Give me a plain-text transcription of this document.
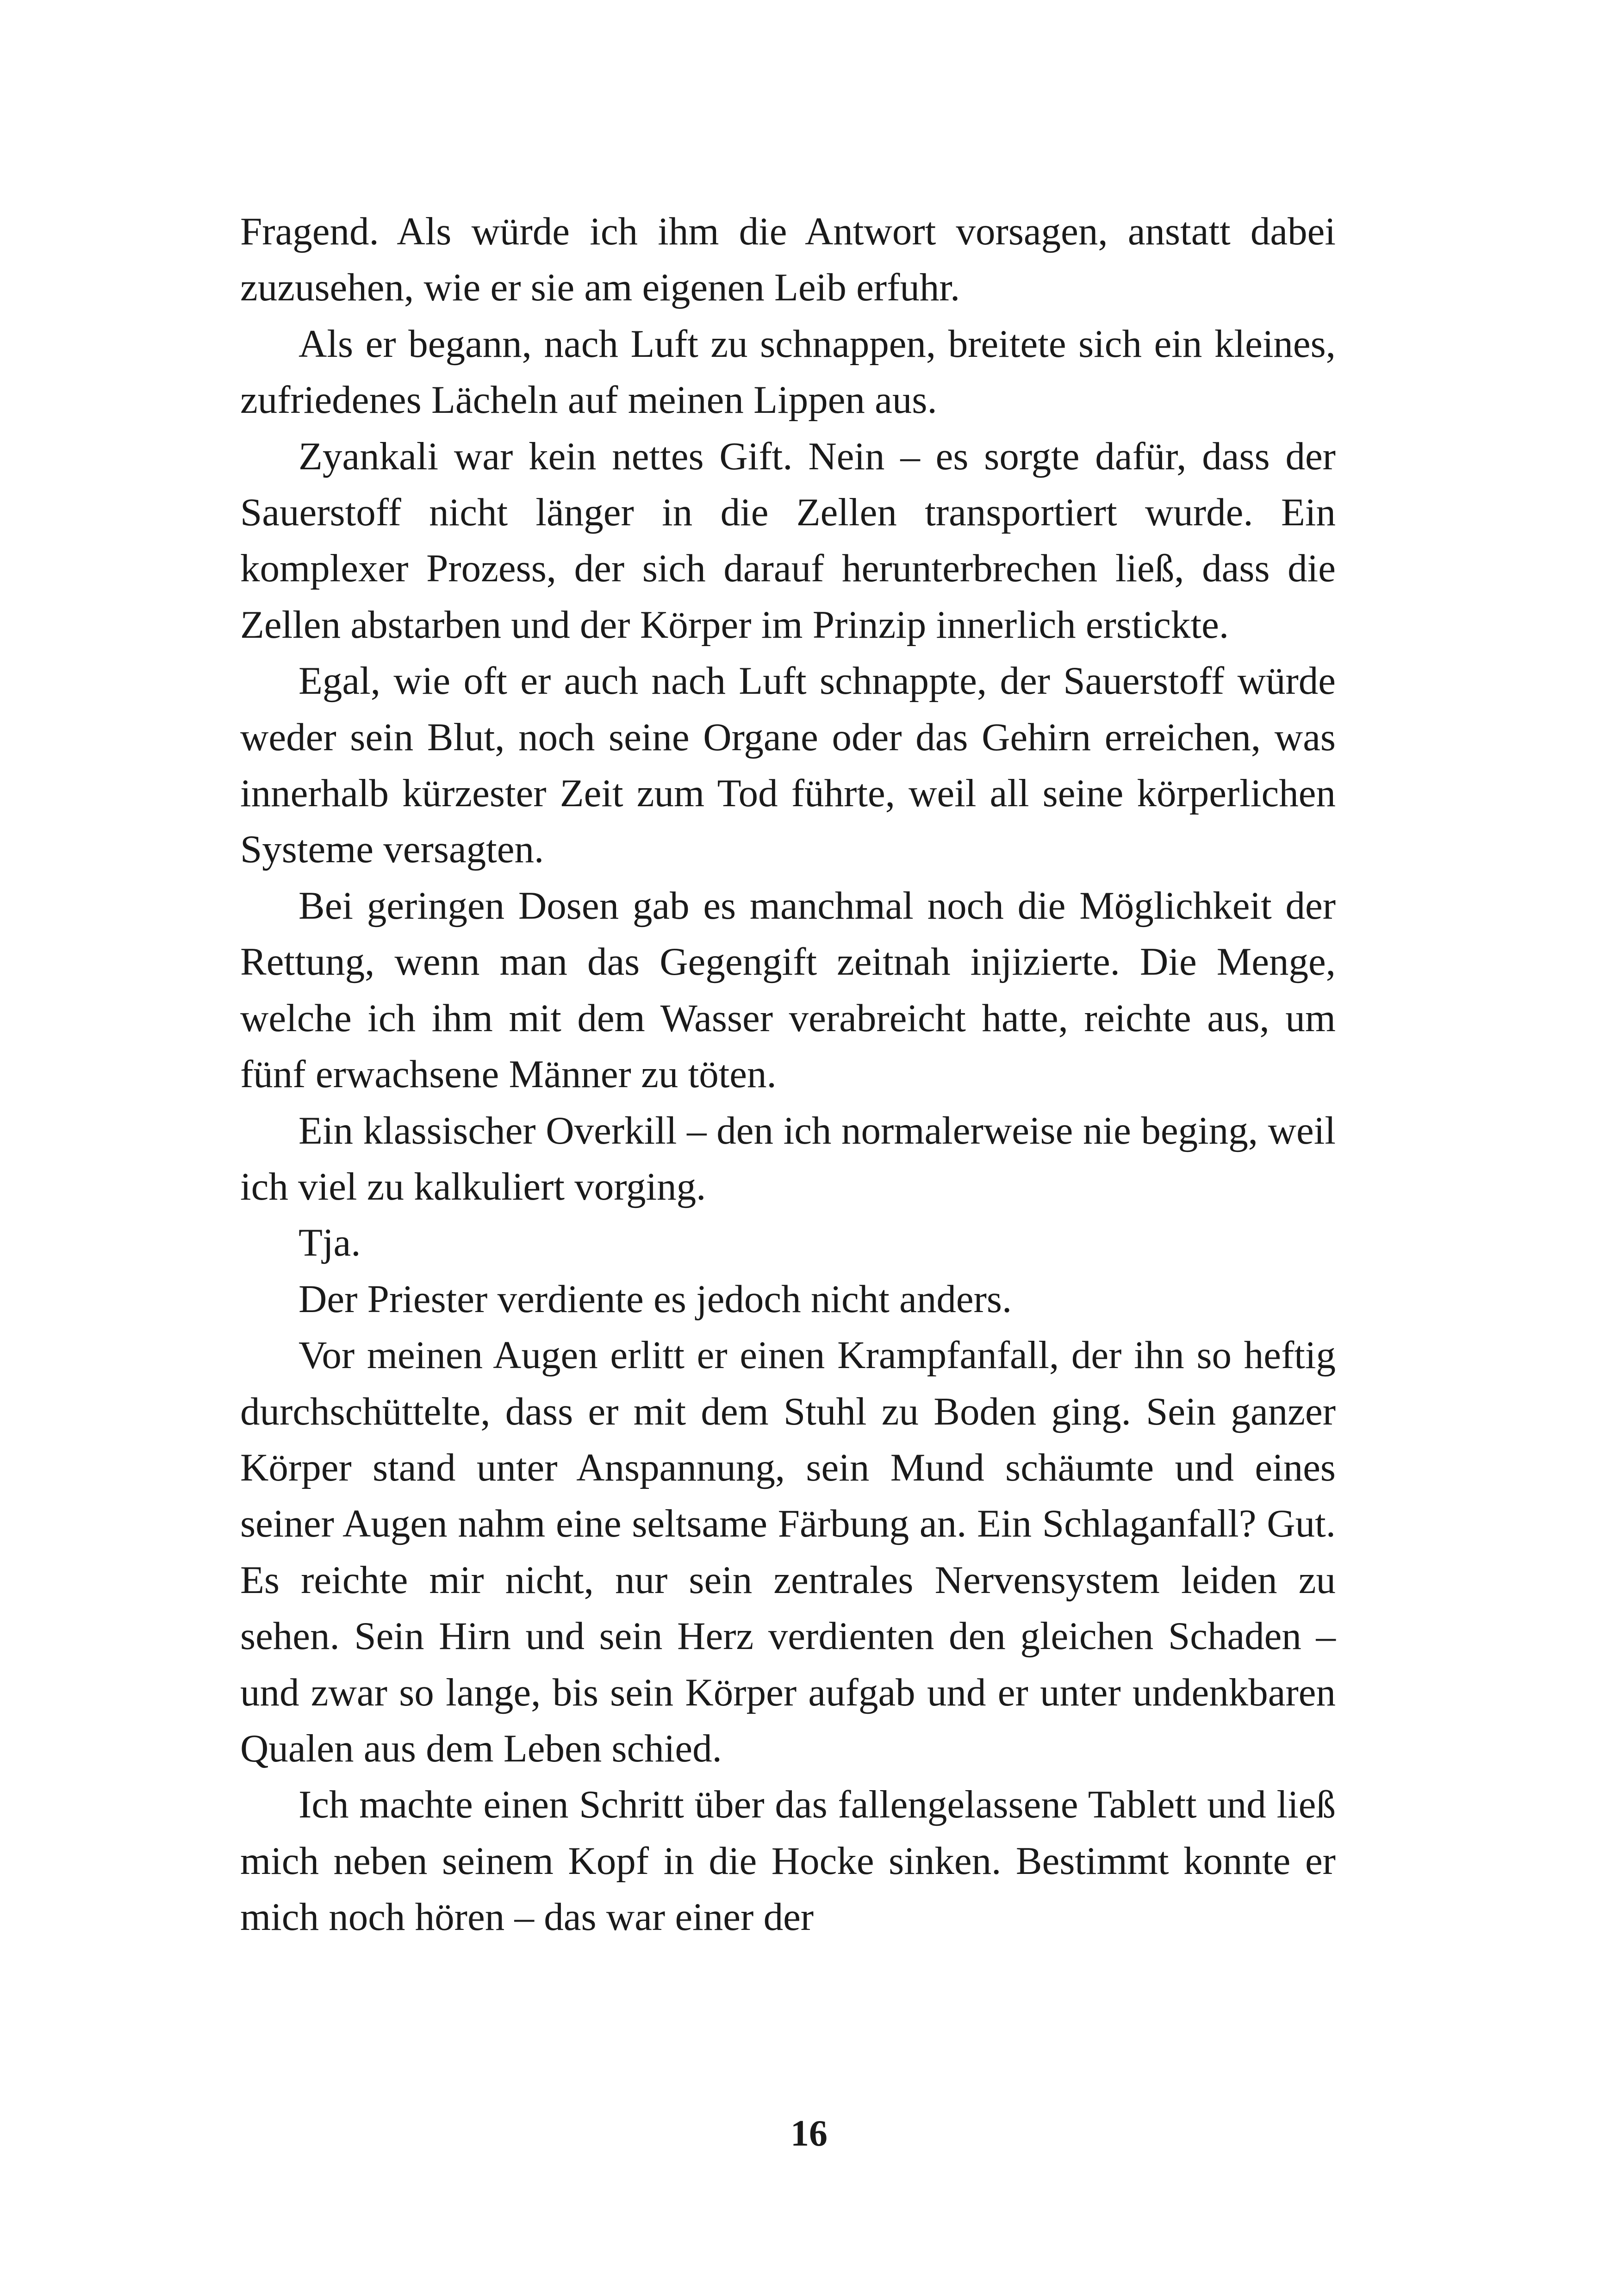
Fragend. Als würde ich ihm die Antwort vorsagen, anstatt dabei zuzusehen, wie er sie am eigenen Leib erfuhr.

Als er begann, nach Luft zu schnappen, breitete sich ein kleines, zufriedenes Lächeln auf meinen Lippen aus.

Zyankali war kein nettes Gift. Nein – es sorgte dafür, dass der Sauerstoff nicht länger in die Zellen transportiert wurde. Ein komplexer Prozess, der sich darauf herunterbrechen ließ, dass die Zellen abstarben und der Körper im Prinzip innerlich erstickte.

Egal, wie oft er auch nach Luft schnappte, der Sauerstoff würde weder sein Blut, noch seine Organe oder das Gehirn erreichen, was innerhalb kürzester Zeit zum Tod führte, weil all seine körperlichen Systeme versagten.

Bei geringen Dosen gab es manchmal noch die Möglichkeit der Rettung, wenn man das Gegengift zeitnah injizierte. Die Menge, welche ich ihm mit dem Wasser verabreicht hatte, reichte aus, um fünf erwachsene Männer zu töten.

Ein klassischer Overkill – den ich normalerweise nie beging, weil ich viel zu kalkuliert vorging.

Tja.

Der Priester verdiente es jedoch nicht anders.

Vor meinen Augen erlitt er einen Krampfanfall, der ihn so heftig durchschüttelte, dass er mit dem Stuhl zu Boden ging. Sein ganzer Körper stand unter Anspannung, sein Mund schäumte und eines seiner Augen nahm eine seltsame Färbung an. Ein Schlaganfall? Gut. Es reichte mir nicht, nur sein zentrales Nervensystem leiden zu sehen. Sein Hirn und sein Herz verdienten den gleichen Schaden – und zwar so lange, bis sein Körper aufgab und er unter undenkbaren Qualen aus dem Leben schied.

Ich machte einen Schritt über das fallengelassene Tablett und ließ mich neben seinem Kopf in die Hocke sinken. Bestimmt konnte er mich noch hören – das war einer der

16
